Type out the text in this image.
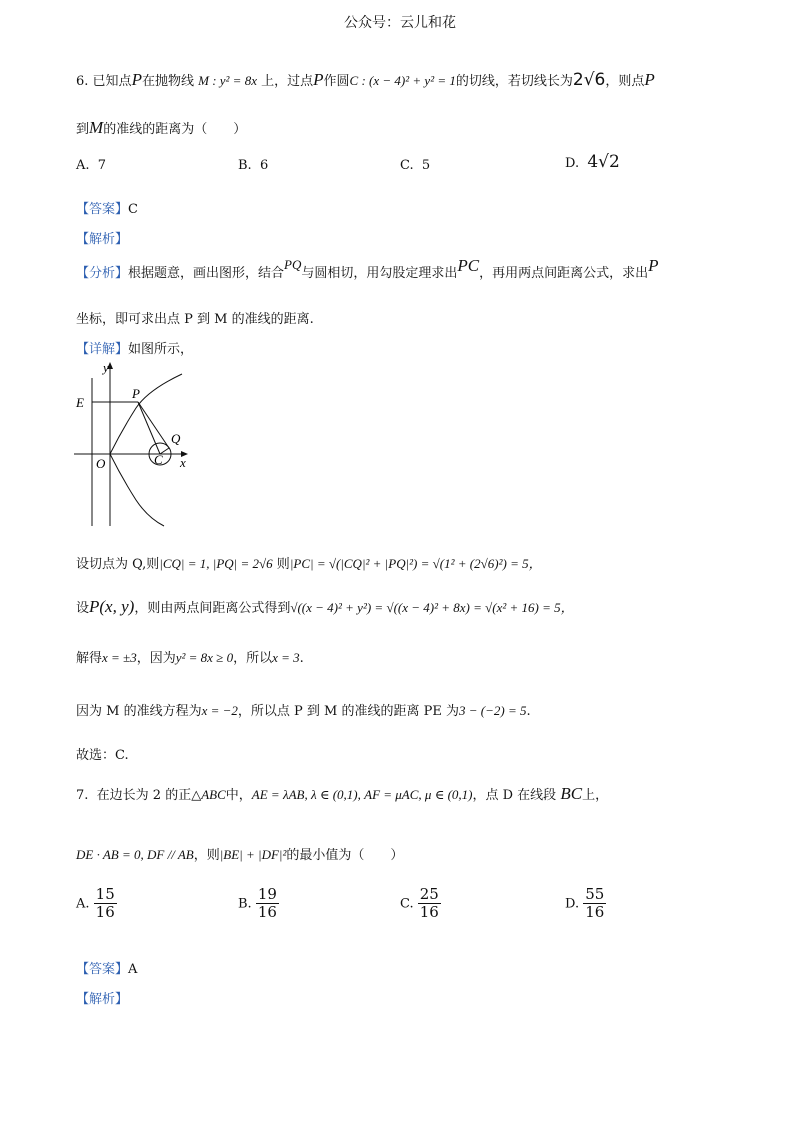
公众号：云儿和花
6. 已知点P在抛物线 M : y² = 8x 上，过点P作圆C : (x − 4)² + y² = 1的切线，若切线长为2√6，则点P
到M的准线的距离为（　　）
A. 7	B. 6	C. 5	D. 4√2
【答案】C
【解析】
【分析】根据题意，画出图形，结合PQ与圆相切，用勾股定理求出PC，再用两点间距离公式，求出P
坐标，即可求出点 P 到 M 的准线的距离.
【详解】如图所示，
y
x
E
P
Q
O	C
设切点为 Q,则|CQ| = 1, |PQ| = 2√6 则|PC| = √(|CQ|² + |PQ|²) = √(1² + (2√6)²) = 5，
设P(x, y)，则由两点间距离公式得到√((x − 4)² + y²) = √((x − 4)² + 8x) = √(x² + 16) = 5，
解得x = ±3，因为y² = 8x ≥ 0，所以x = 3.
因为 M 的准线方程为x = −2，所以点 P 到 M 的准线的距离 PE 为3 − (−2) = 5.
故选：C.
7. 在边长为 2 的正△ABC中，AE = λAB, λ ∈ (0,1), AF = μAC, μ ∈ (0,1)，点 D 在线段 BC上，
DE · AB = 0, DF // AB，则|BE| + |DF|²的最小值为（　　）
A. $\frac{15}{16}$	B. $\frac{19}{16}$	C. $\frac{25}{16}$	D. $\frac{55}{16}$
【答案】A
【解析】
